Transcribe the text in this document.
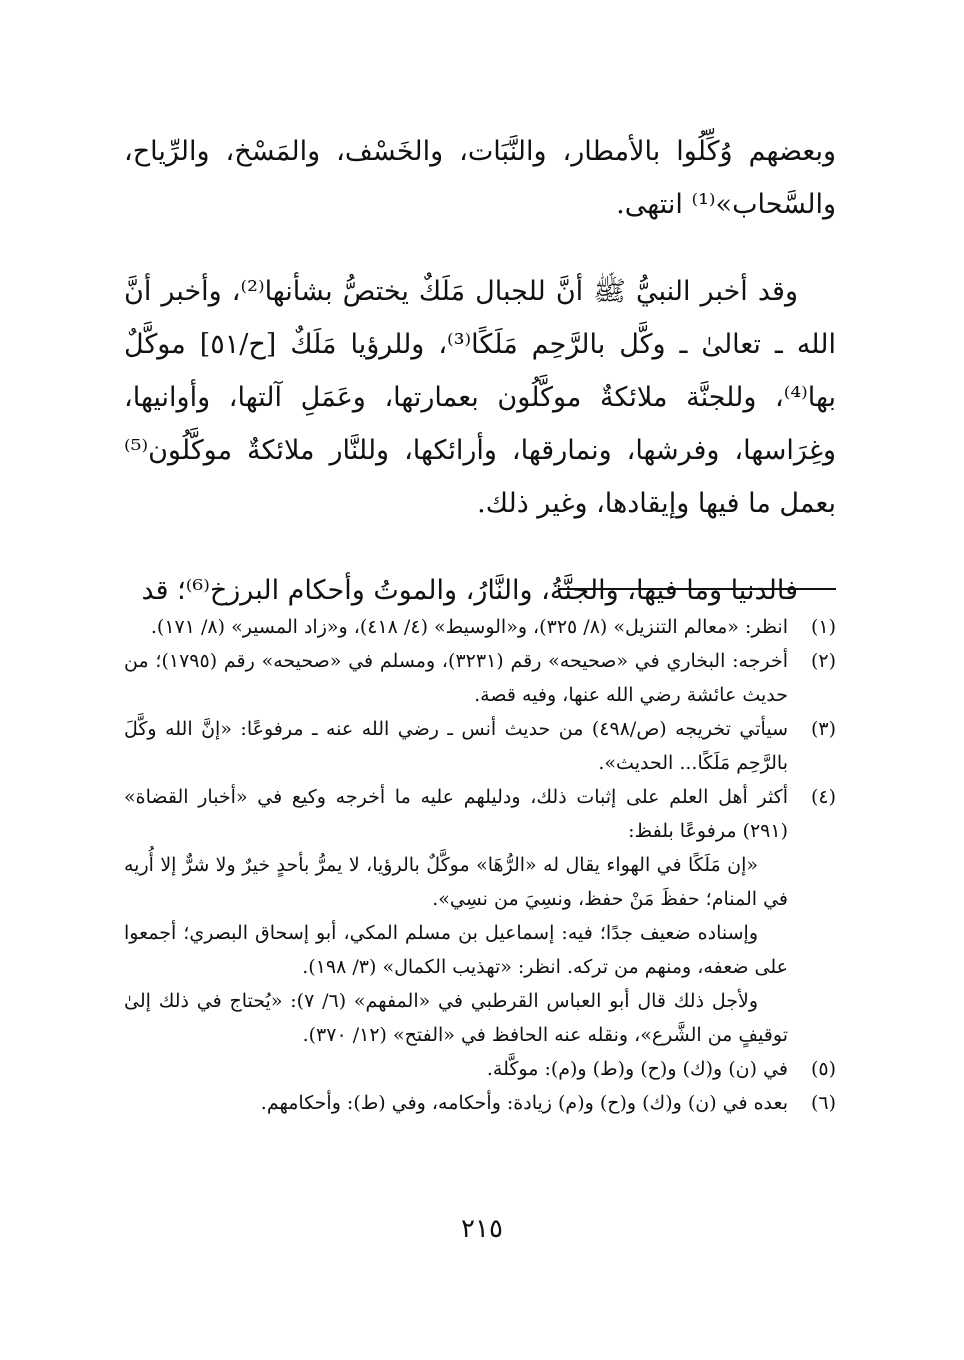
وبعضهم وُكِّلُوا بالأمطار، والنَّبَات، والخَسْف، والمَسْخ، والرِّياح، والسَّحاب»⁽¹⁾ انتهى.

وقد أخبر النبيُّ ﷺ أنَّ للجبال مَلَكٌ يختصُّ بشأنها⁽²⁾، وأخبر أنَّ الله ـ تعالىٰ ـ وكَّل بالرَّحِم مَلَكًا⁽³⁾، وللرؤيا مَلَكٌ [ح/٥١] موكَّلٌ بها⁽⁴⁾، وللجنَّة ملائكةٌ موكَّلُون بعمارتها، وعَمَلِ آلتها، وأوانيها، وغِرَاسها، وفرشها، ونمارقها، وأرائكها، وللنَّار ملائكةٌ موكَّلُون⁽⁵⁾ بعمل ما فيها وإيقادها، وغير ذلك.

فالدنيا وما فيها، والجنَّةُ، والنَّارُ، والموتُ وأحكام البرزخ⁽⁶⁾؛ قد

(١)
انظر: «معالم التنزيل» (٨/ ٣٢٥)، و«الوسيط» (٤/ ٤١٨)، و«زاد المسير» (٨/ ١٧١).
(٢)
أخرجه: البخاري في «صحيحه» رقم (٣٢٣١)، ومسلم في «صحيحه» رقم (١٧٩٥)؛ من حديث عائشة رضي الله عنها، وفيه قصة.
(٣)
سيأتي تخريجه (ص/٤٩٨) من حديث أنس ـ رضي الله عنه ـ مرفوعًا: «إنَّ الله وكَّلَ بالرَّحِم مَلَكًا... الحديث».
(٤)
أكثر أهل العلم على إثبات ذلك، ودليلهم عليه ما أخرجه وكيع في «أخبار القضاة» (٢٩١) مرفوعًا بلفظ:
«إن مَلَكًا في الهواء يقال له «الرُّهَا» موكَّلٌ بالرؤيا، لا يمرُّ بأحدٍ خيرٌ ولا شرٌّ إلا أُريه في المنام؛ حفظَ مَنْ حفظ، ونسِيَ من نسِي».
وإسناده ضعيف جدًا؛ فيه: إسماعيل بن مسلم المكي، أبو إسحاق البصري؛ أجمعوا على ضعفه، ومنهم من تركه. انظر: «تهذيب الكمال» (٣/ ١٩٨).
ولأجل ذلك قال أبو العباس القرطبي في «المفهم» (٦/ ٧): «يُحتاج في ذلك إلىٰ توقيفٍ من الشَّرع»، ونقله عنه الحافظ في «الفتح» (١٢/ ٣٧٠).
(٥)
في (ن) و(ك) و(ح) و(ط) و(م): موكَّلة.
(٦)
بعده في (ن) و(ك) و(ح) و(م) زيادة: وأحكامه، وفي (ط): وأحكامهم.
٢١٥
